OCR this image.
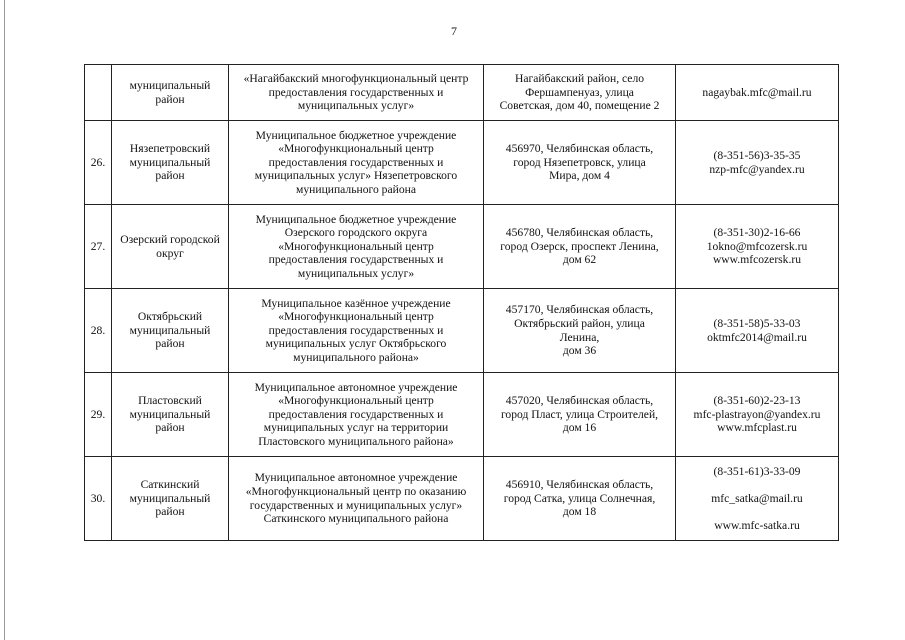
7

	муниципальный
район	«Нагайбакский многофункциональный центр
предоставления государственных и
муниципальных услуг»	Нагайбакский район, село
Фершампенуаз, улица
Советская, дом 40, помещение 2	nagaybak.mfc@mail.ru

26.	Нязепетровский
муниципальный
район	Муниципальное бюджетное учреждение
«Многофункциональный центр
предоставления государственных и
муниципальных услуг» Нязепетровского
муниципального района	456970, Челябинская область,
город Нязепетровск, улица
Мира, дом 4	(8-351-56)3-35-35
nzp-mfc@yandex.ru

27.	Озерский городской
округ	Муниципальное бюджетное учреждение
Озерского городского округа
«Многофункциональный центр
предоставления государственных и
муниципальных услуг»	456780, Челябинская область,
город Озерск, проспект Ленина,
дом 62	(8-351-30)2-16-66
1okno@mfcozersk.ru
www.mfcozersk.ru

28.	Октябрьский
муниципальный
район	Муниципальное казённое учреждение
«Многофункциональный центр
предоставления государственных и
муниципальных услуг Октябрьского
муниципального района»	457170, Челябинская область,
Октябрьский район, улица
Ленина,
дом 36	(8-351-58)5-33-03
oktmfc2014@mail.ru

29.	Пластовский
муниципальный
район	Муниципальное автономное учреждение
«Многофункциональный центр
предоставления государственных и
муниципальных услуг на территории
Пластовского муниципального района»	457020, Челябинская область,
город Пласт, улица Строителей,
дом 16	(8-351-60)2-23-13
mfc-plastrayon@yandex.ru
www.mfcplast.ru

30.	Саткинский
муниципальный
район	Муниципальное автономное учреждение
«Многофункциональный центр по оказанию
государственных и муниципальных услуг»
Саткинского муниципального района	456910, Челябинская область,
город Сатка, улица Солнечная,
дом 18	(8-351-61)3-33-09
mfc_satka@mail.ru
www.mfc-satka.ru
